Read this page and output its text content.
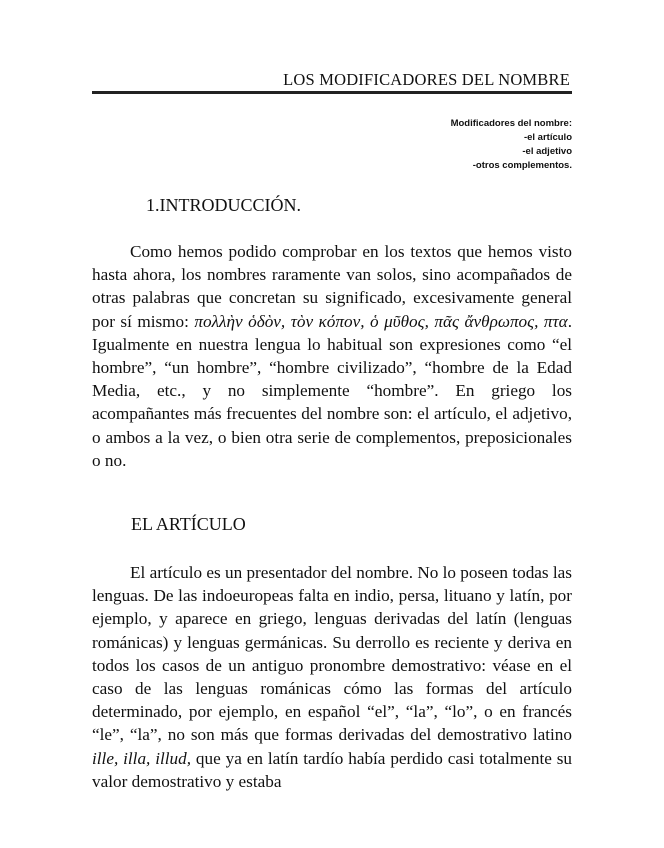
LOS MODIFICADORES DEL NOMBRE
Modificadores del nombre:
-el artículo
-el adjetivo
-otros complementos.
1.INTRODUCCIÓN.

Como hemos podido comprobar en los textos que hemos visto hasta ahora, los nombres raramente van solos, sino acompañados de otras palabras que concretan su significado, excesivamente general por sí mismo: πολλὴν ὁδὸν, τὸν κόπον, ὁ μῦθος, πᾶς ἄνθρωπος, πτα. Igualmente en nuestra lengua lo habitual son expresiones como “el hombre”, “un hombre”, “hombre civilizado”, “hombre de la Edad Media, etc., y no simplemente “hombre”. En griego los acompañantes más frecuentes del nombre son: el artículo, el adjetivo, o ambos a la vez, o bien otra serie de complementos, preposicionales o no.

EL ARTÍCULO

El artículo es un presentador del nombre. No lo poseen todas las lenguas. De las indoeuropeas falta en indio, persa, lituano y latín, por ejemplo, y aparece en griego, lenguas derivadas del latín (lenguas románicas) y lenguas germánicas. Su derrollo es reciente y deriva en todos los casos de un antiguo pronombre demostrativo: véase en el caso de las lenguas románicas cómo las formas del artículo determinado, por ejemplo, en español “el”, “la”, “lo”, o en francés “le”, “la”, no son más que formas derivadas del demostrativo latino ille, illa, illud, que ya en latín tardío había perdido casi totalmente su valor demostrativo y estaba
